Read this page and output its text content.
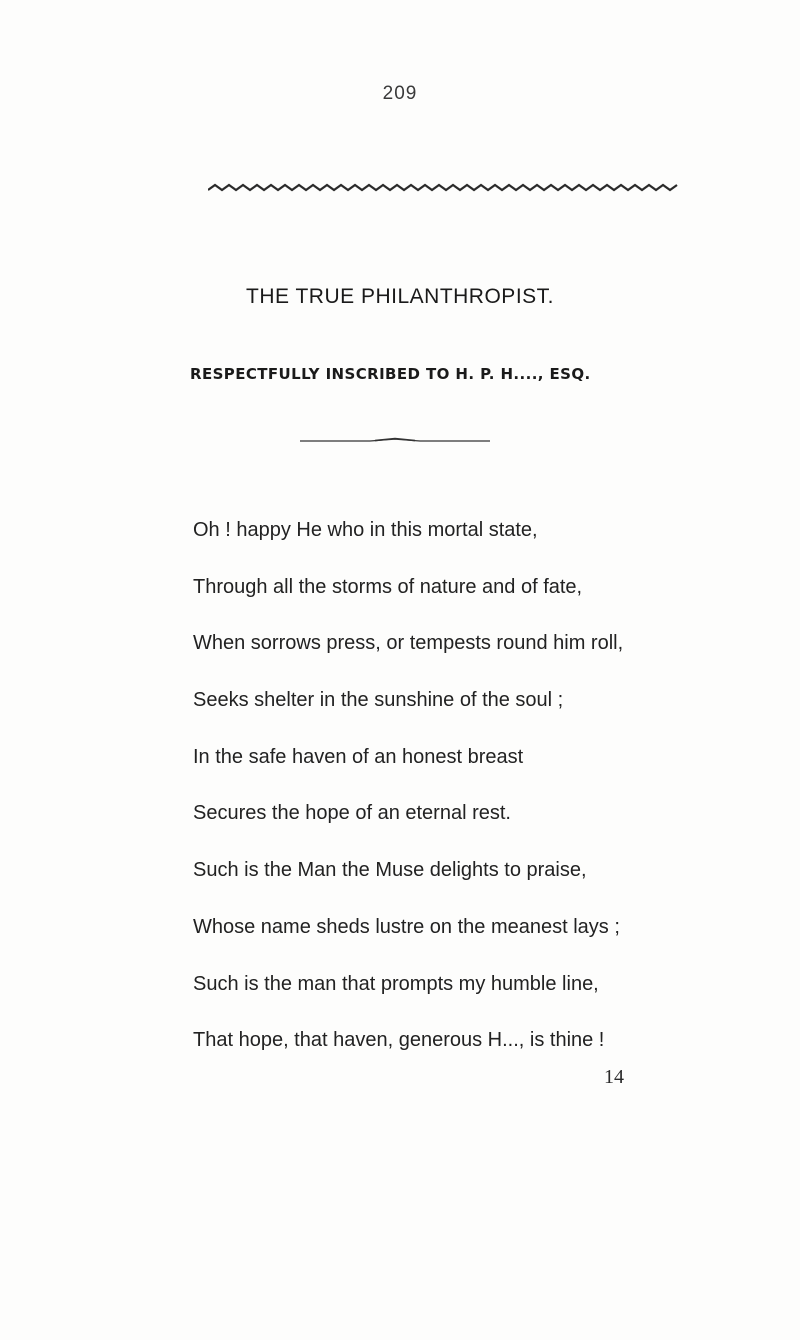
209
THE TRUE PHILANTHROPIST.

RESPECTFULLY INSCRIBED TO H. P. H...., ESQ.

Oh ! happy He who in this mortal state,
Through all the storms of nature and of fate,
When sorrows press, or tempests round him roll,
Seeks shelter in the sunshine of the soul ;
In the safe haven of an honest breast
Secures the hope of an eternal rest.
Such is the Man the Muse delights to praise,
Whose name sheds lustre on the meanest lays ;
Such is the man that prompts my humble line,
That hope, that haven, generous H..., is thine !
14
